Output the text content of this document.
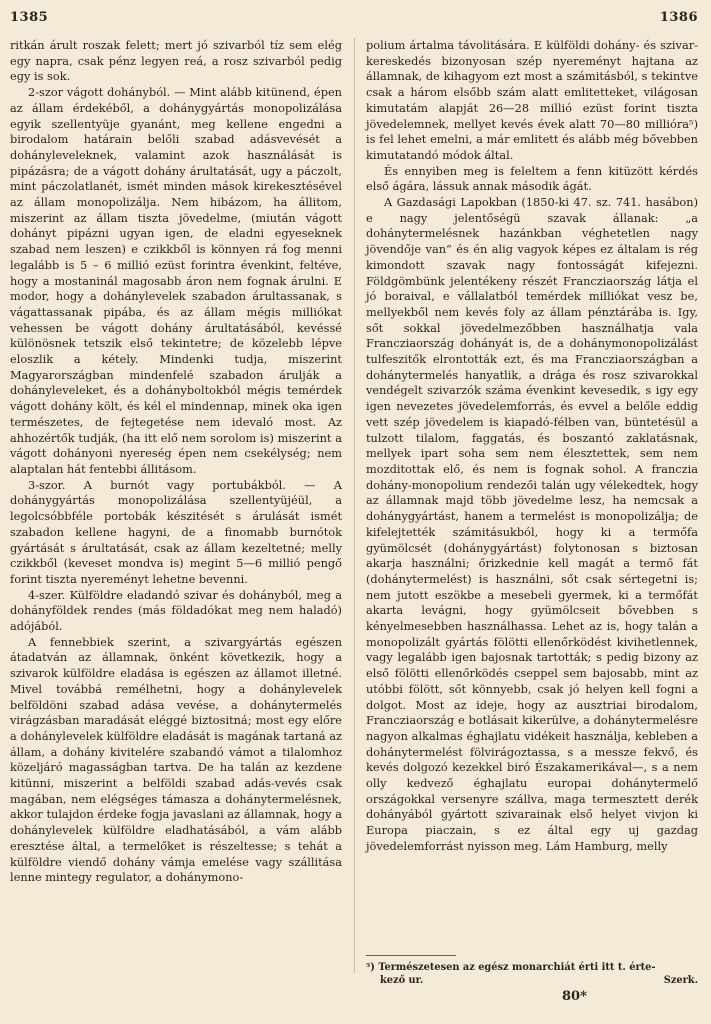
1385	1386

ritkán árult roszak felett; mert jó szivarból tíz sem elég egy napra, csak pénz legyen reá, a rosz szivarból pedig egy is sok.

2-szor vágott dohányból. — Mint alább kitünend, épen az állam érdekéből, a dohánygyártás monopolizálása egyik szellentyüje gyanánt, meg kellene engedni a birodalom határain belőli szabad adásvevését a dohányleveleknek, valamint azok használását is pipázásra; de a vágott dohány árultatását, ugy a páczolt, mint páczolatlanét, ismét minden mások kirekesztésével az állam monopolizálja. Nem hibázom, ha állitom, miszerint az állam tiszta jövedelme, (miután vágott dohányt pipázni ugyan igen, de eladni egyeseknek szabad nem leszen) e czikkből is könnyen rá fog menni legalább is 5 – 6 millió ezüst forintra évenkint, feltéve, hogy a mostaninál magosabb áron nem fognak árulni. E modor, hogy a dohánylevelek szabadon árultassanak, s vágattassanak pipába, és az állam mégis milliókat vehessen be vágott dohány árultatásából, kevéssé különösnek tetszik első tekintetre; de közelebb lépve eloszlik a kétely. Mindenki tudja, miszerint Magyarországban mindenfelé szabadon árulják a dohányleveleket, és a dohányboltokból mégis temérdek vágott dohány költ, és kél el mindennap, minek oka igen természetes, de fejtegetése nem idevaló most. Az ahhozértők tudják, (ha itt elő nem sorolom is) miszerint a vágott dohányoni nyereség épen nem csekélység; nem alaptalan hát fentebbi állitásom.

3-szor. A burnót vagy portubákból. — A dohánygyártás monopolizálása szellentyüjéül, a legolcsóbbféle portobák készitését s árulását ismét szabadon kellene hagyni, de a finomabb burnótok gyártását s árultatását, csak az állam kezeltetné; melly czikkből (keveset mondva is) megint 5—6 millió pengő forint tiszta nyereményt lehetne bevenni.

4-szer. Külföldre eladandó szivar és dohányból, meg a dohányföldek rendes (más földadókat meg nem haladó) adójából.

A fennebbiek szerint, a szivargyártás egészen átadatván az államnak, önként következik, hogy a szivarok külföldre eladása is egészen az államot illetné. Mivel továbbá remélhetni, hogy a dohánylevelek belföldöni szabad adása vevése, a dohánytermelés virágzásban maradását eléggé biztositná; most egy előre a dohánylevelek külföldre eladását is magának tartaná az állam, a dohány kivitelére szabandó vámot a tilalomhoz közeljáró magasságban tartva. De ha talán az kezdene kitünni, miszerint a belföldi szabad adás-vevés csak magában, nem elégséges támasza a dohánytermelésnek, akkor tulajdon érdeke fogja javaslani az államnak, hogy a dohánylevelek külföldre eladhatásából, a vám alább eresztése által, a termelőket is részeltesse; s tehát a külföldre viendő dohány vámja emelése vagy szállitása lenne mintegy regulator, a dohánymono-

polium ártalma távolitására. E külföldi dohány- és szivar-kereskedés bizonyosan szép nyereményt hajtana az államnak, de kihagyom ezt most a számitásból, s tekintve csak a három elsőbb szám alatt emlitetteket, világosan kimutatám alapját 26—28 millió ezüst forint tiszta jövedelemnek, mellyet kevés évek alatt 70—80 millióra⁵) is fel lehet emelni, a már emlitett és alább még bővebben kimutatandó módok által.

És ennyiben meg is feleltem a fenn kitüzött kérdés első ágára, lássuk annak második ágát.

A Gazdasági Lapokban (1850-ki 47. sz. 741. hasábon) e nagy jelentőségü szavak állanak: „a dohánytermelésnek hazánkban véghetetlen nagy jövendője van“ és én alig vagyok képes ez általam is rég kimondott szavak nagy fontosságát kifejezni. Földgömbünk jelentékeny részét Francziaország látja el jó boraival, e vállalatból temérdek milliókat vesz be, mellyekből nem kevés foly az állam pénztárába is. Igy, sőt sokkal jövedelmezőbben használhatja vala Francziaország dohányát is, de a dohánymonopolizálást tulfeszitők elrontották ezt, és ma Francziaországban a dohánytermelés hanyatlik, a drága és rosz szivarokkal vendégelt szivarzók száma évenkint kevesedik, s igy egy igen nevezetes jövedelemforrás, és evvel a belőle eddig vett szép jövedelem is kiapadó-félben van, büntetésül a tulzott tilalom, faggatás, és boszantó zaklatásnak, mellyek ipart soha sem nem élesztettek, sem nem mozditottak elő, és nem is fognak sohol. A franczia dohány-monopolium rendezői talán ugy vélekedtek, hogy az államnak majd több jövedelme lesz, ha nemcsak a dohánygyártást, hanem a termelést is monopolizálja; de kifelejtették számitásukból, hogy ki a termőfa gyümölcsét (dohánygyártást) folytonosan s biztosan akarja használni; őrizkednie kell magát a termő fát (dohánytermelést) is használni, sőt csak sértegetni is; nem jutott eszökbe a mesebeli gyermek, ki a termőfát akarta levágni, hogy gyümölcseit bővebben s kényelmesebben használhassa. Lehet az is, hogy talán a monopolizált gyártás fölötti ellenőrködést kivihetlennek, vagy legalább igen bajosnak tartották; s pedig bizony az első fölötti ellenőrködés cseppel sem bajosabb, mint az utóbbi fölött, sőt könnyebb, csak jó helyen kell fogni a dolgot. Most az ideje, hogy az ausztriai birodalom, Francziaország e botlásait kikerülve, a dohánytermelésre nagyon alkalmas éghajlatu vidékeit használja, kebleben a dohánytermelést fölvirágoztassa, s a messze fekvő, és kevés dolgozó kezekkel biró Északamerikával—, s a nem olly kedvező éghajlatu europai dohánytermelő országokkal versenyre szállva, maga termesztett derék dohányából gyártott szivarainak első helyet vivjon ki Europa piaczain, s ez által egy uj gazdag jövedelemforrást nyisson meg. Lám Hamburg, melly

⁵) Természetesen az egész monarchiát érti itt t. érte-
kező ur.	Szerk.
80*
